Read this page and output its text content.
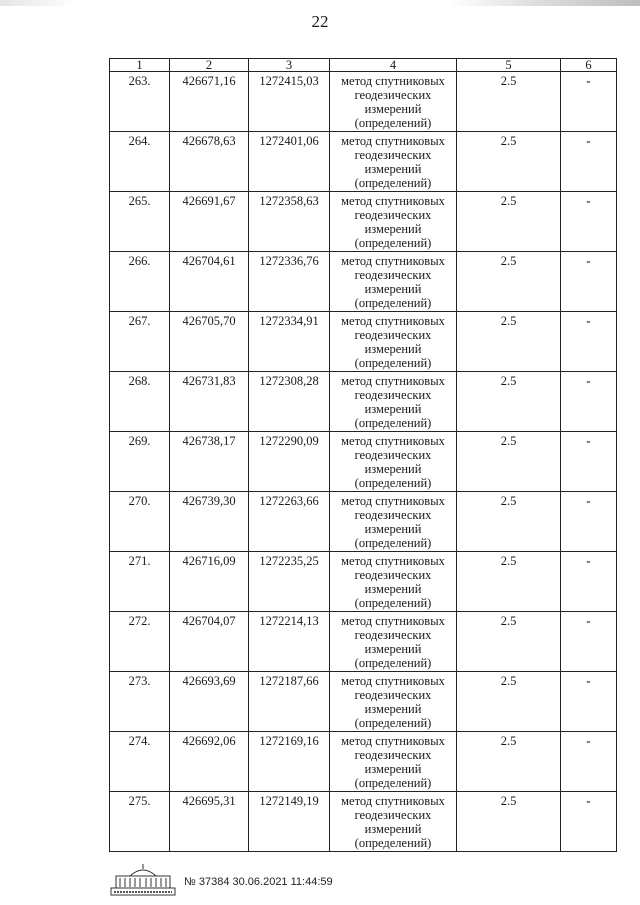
22
1	2	3	4	5	6
263.	426671,16	1272415,03	метод спутниковых
геодезических
измерений
(определений)	2.5	-
264.	426678,63	1272401,06	метод спутниковых
геодезических
измерений
(определений)	2.5	-
265.	426691,67	1272358,63	метод спутниковых
геодезических
измерений
(определений)	2.5	-
266.	426704,61	1272336,76	метод спутниковых
геодезических
измерений
(определений)	2.5	-
267.	426705,70	1272334,91	метод спутниковых
геодезических
измерений
(определений)	2.5	-
268.	426731,83	1272308,28	метод спутниковых
геодезических
измерений
(определений)	2.5	-
269.	426738,17	1272290,09	метод спутниковых
геодезических
измерений
(определений)	2.5	-
270.	426739,30	1272263,66	метод спутниковых
геодезических
измерений
(определений)	2.5	-
271.	426716,09	1272235,25	метод спутниковых
геодезических
измерений
(определений)	2.5	-
272.	426704,07	1272214,13	метод спутниковых
геодезических
измерений
(определений)	2.5	-
273.	426693,69	1272187,66	метод спутниковых
геодезических
измерений
(определений)	2.5	-
274.	426692,06	1272169,16	метод спутниковых
геодезических
измерений
(определений)	2.5	-
275.	426695,31	1272149,19	метод спутниковых
геодезических
измерений
(определений)	2.5	-
№ 37384 30.06.2021 11:44:59
